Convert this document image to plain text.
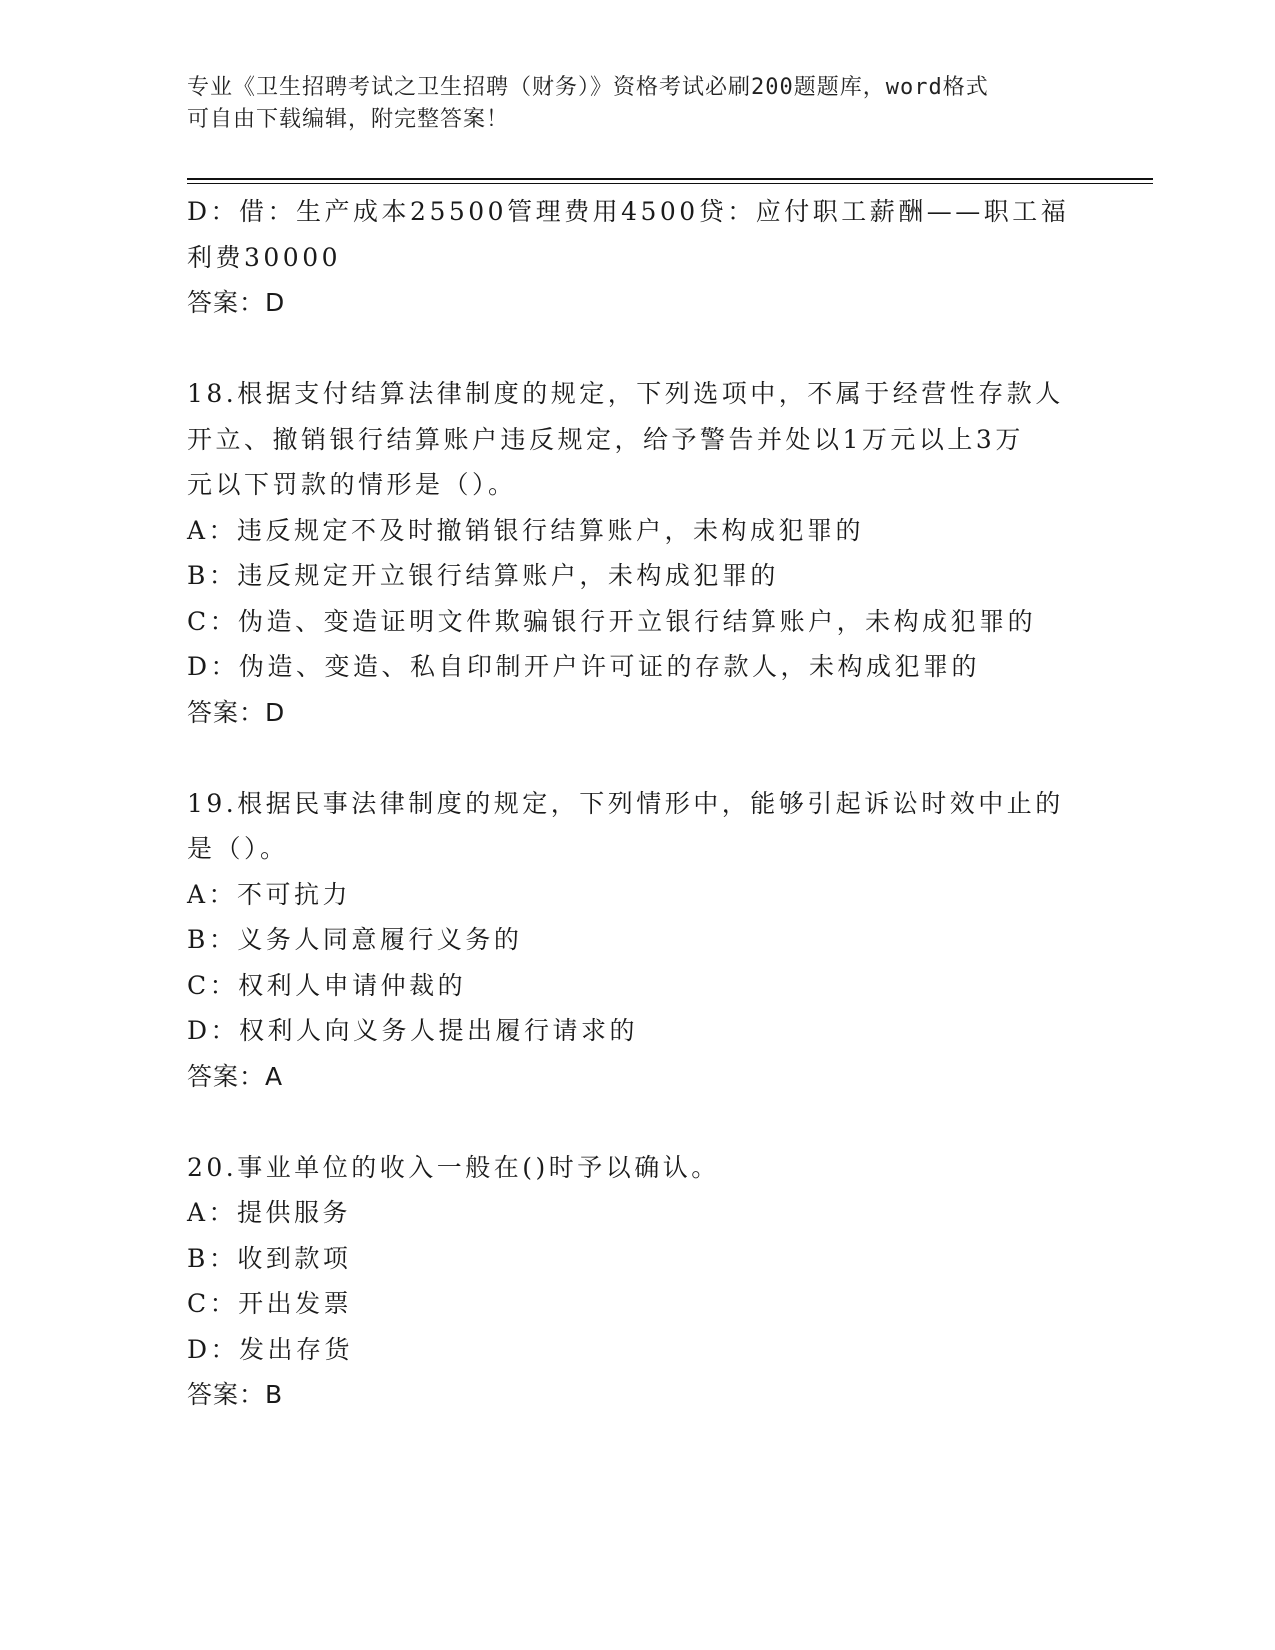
专业《卫生招聘考试之卫生招聘（财务）》资格考试必刷200题题库，word格式
可自由下载编辑，附完整答案！
D：借：生产成本25500管理费用4500贷：应付职工薪酬——职工福
利费30000
答案：D
18.根据支付结算法律制度的规定，下列选项中，不属于经营性存款人
开立、撤销银行结算账户违反规定，给予警告并处以1万元以上3万
元以下罚款的情形是（）。
A：违反规定不及时撤销银行结算账户，未构成犯罪的
B：违反规定开立银行结算账户，未构成犯罪的
C：伪造、变造证明文件欺骗银行开立银行结算账户，未构成犯罪的
D：伪造、变造、私自印制开户许可证的存款人，未构成犯罪的
答案：D
19.根据民事法律制度的规定，下列情形中，能够引起诉讼时效中止的
是（）。
A：不可抗力
B：义务人同意履行义务的
C：权利人申请仲裁的
D：权利人向义务人提出履行请求的
答案：A
20.事业单位的收入一般在()时予以确认。
A：提供服务
B：收到款项
C：开出发票
D：发出存货
答案：B
